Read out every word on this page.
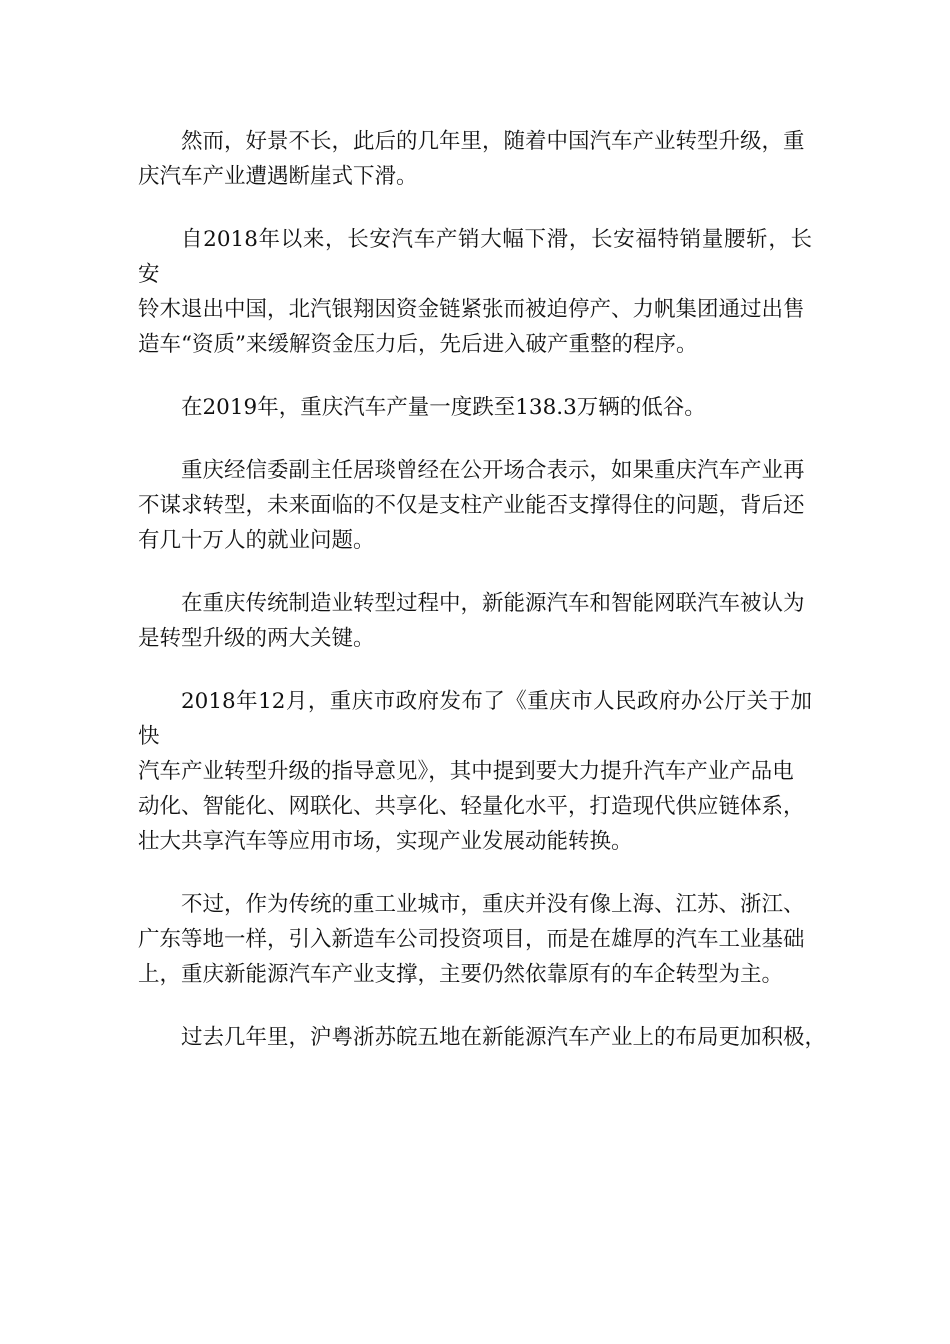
然而，好景不长，此后的几年里，随着中国汽车产业转型升级，重
庆汽车产业遭遇断崖式下滑。
自2018年以来，长安汽车产销大幅下滑，长安福特销量腰斩，长安
铃木退出中国，北汽银翔因资金链紧张而被迫停产、力帆集团通过出售
造车“资质”来缓解资金压力后，先后进入破产重整的程序。
在2019年，重庆汽车产量一度跌至138.3万辆的低谷。
重庆经信委副主任居琰曾经在公开场合表示，如果重庆汽车产业再
不谋求转型，未来面临的不仅是支柱产业能否支撑得住的问题，背后还
有几十万人的就业问题。
在重庆传统制造业转型过程中，新能源汽车和智能网联汽车被认为
是转型升级的两大关键。
2018年12月，重庆市政府发布了《重庆市人民政府办公厅关于加快
汽车产业转型升级的指导意见》，其中提到要大力提升汽车产业产品电
动化、智能化、网联化、共享化、轻量化水平，打造现代供应链体系，
壮大共享汽车等应用市场，实现产业发展动能转换。
不过，作为传统的重工业城市，重庆并没有像上海、江苏、浙江、
广东等地一样，引入新造车公司投资项目，而是在雄厚的汽车工业基础
上，重庆新能源汽车产业支撑，主要仍然依靠原有的车企转型为主。
过去几年里，沪粤浙苏皖五地在新能源汽车产业上的布局更加积极，
